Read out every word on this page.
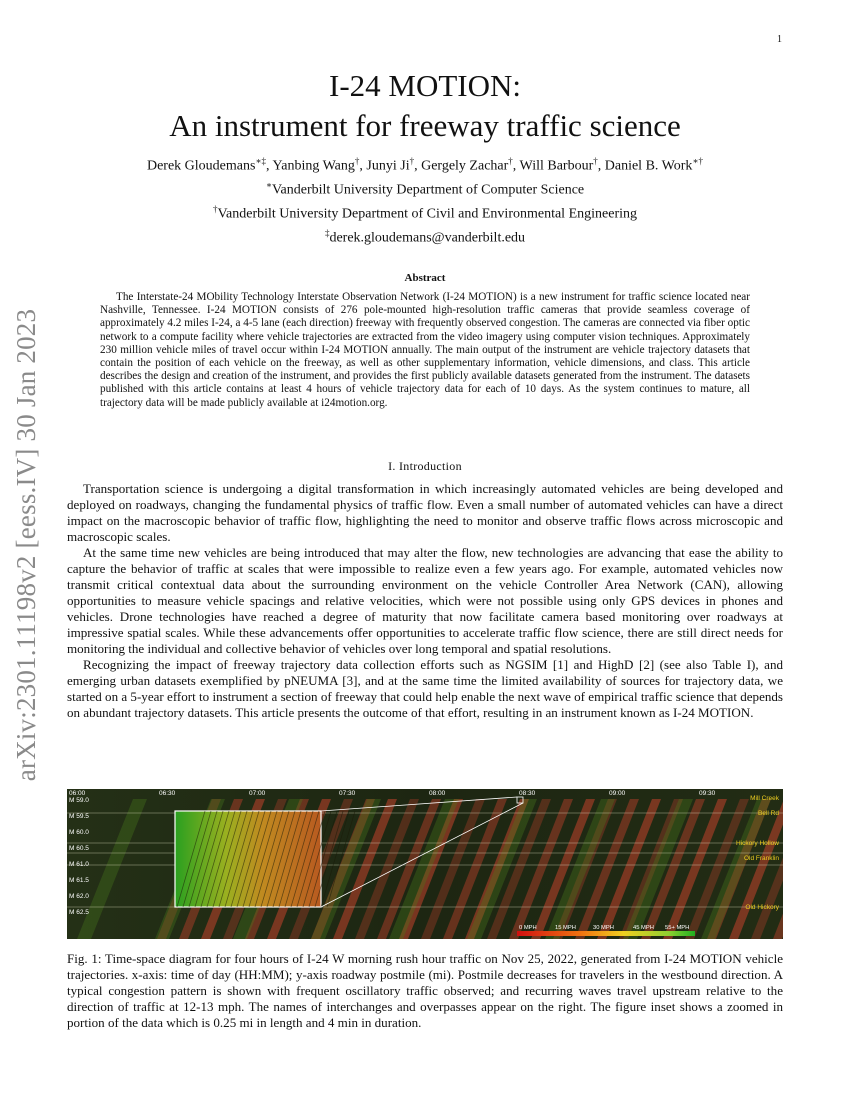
1
arXiv:2301.11198v2 [eess.IV] 30 Jan 2023
I-24 MOTION:
An instrument for freeway traffic science
Derek Gloudemans∗‡, Yanbing Wang†, Junyi Ji†, Gergely Zachar†, Will Barbour†, Daniel B. Work∗†
∗Vanderbilt University Department of Computer Science
†Vanderbilt University Department of Civil and Environmental Engineering
‡derek.gloudemans@vanderbilt.edu
Abstract
The Interstate-24 MObility Technology Interstate Observation Network (I-24 MOTION) is a new instrument for traffic science located near Nashville, Tennessee. I-24 MOTION consists of 276 pole-mounted high-resolution traffic cameras that provide seamless coverage of approximately 4.2 miles I-24, a 4-5 lane (each direction) freeway with frequently observed congestion. The cameras are connected via fiber optic network to a compute facility where vehicle trajectories are extracted from the video imagery using computer vision techniques. Approximately 230 million vehicle miles of travel occur within I-24 MOTION annually. The main output of the instrument are vehicle trajectory datasets that contain the position of each vehicle on the freeway, as well as other supplementary information, vehicle dimensions, and class. This article describes the design and creation of the instrument, and provides the first publicly available datasets generated from the instrument. The datasets published with this article contains at least 4 hours of vehicle trajectory data for each of 10 days. As the system continues to mature, all trajectory data will be made publicly available at i24motion.org.
I. Introduction

Transportation science is undergoing a digital transformation in which increasingly automated vehicles are being developed and deployed on roadways, changing the fundamental physics of traffic flow. Even a small number of automated vehicles can have a direct impact on the macroscopic behavior of traffic flow, highlighting the need to monitor and observe traffic flows across microscopic and macroscopic scales.

At the same time new vehicles are being introduced that may alter the flow, new technologies are advancing that ease the ability to capture the behavior of traffic at scales that were impossible to realize even a few years ago. For example, automated vehicles now transmit critical contextual data about the surrounding environment on the vehicle Controller Area Network (CAN), allowing opportunities to measure vehicle spacings and relative velocities, which were not possible using only GPS devices in phones and vehicles. Drone technologies have reached a degree of maturity that now facilitate camera based monitoring over roadways at impressive spatial scales. While these advancements offer opportunities to accelerate traffic flow science, there are still direct needs for monitoring the individual and collective behavior of vehicles over long temporal and spatial resolutions.

Recognizing the impact of freeway trajectory data collection efforts such as NGSIM [1] and HighD [2] (see also Table I), and emerging urban datasets exemplified by pNEUMA [3], and at the same time the limited availability of sources for trajectory data, we started on a 5-year effort to instrument a section of freeway that could help enable the next wave of empirical traffic science that depends on abundant trajectory datasets. This article presents the outcome of that effort, resulting in an instrument known as I-24 MOTION.

06:00	06:30	07:00	07:30	08:00	08:30	09:00	09:30
M 59.0
M 59.5
M 60.0
M 60.5
M 61.0
M 61.5
M 62.0
M 62.5
Mill Creek
Bell Rd
Hickory Hollow
Old Franklin
Old Hickory
0 MPH	15 MPH	30 MPH	45 MPH 55+ MPH
Fig. 1: Time-space diagram for four hours of I-24 W morning rush hour traffic on Nov 25, 2022, generated from I-24 MOTION vehicle trajectories. x-axis: time of day (HH:MM); y-axis roadway postmile (mi). Postmile decreases for travelers in the westbound direction. A typical congestion pattern is shown with frequent oscillatory traffic observed; and recurring waves travel upstream relative to the direction of traffic at 12-13 mph. The names of interchanges and overpasses appear on the right. The figure inset shows a zoomed in portion of the data which is 0.25 mi in length and 4 min in duration.
